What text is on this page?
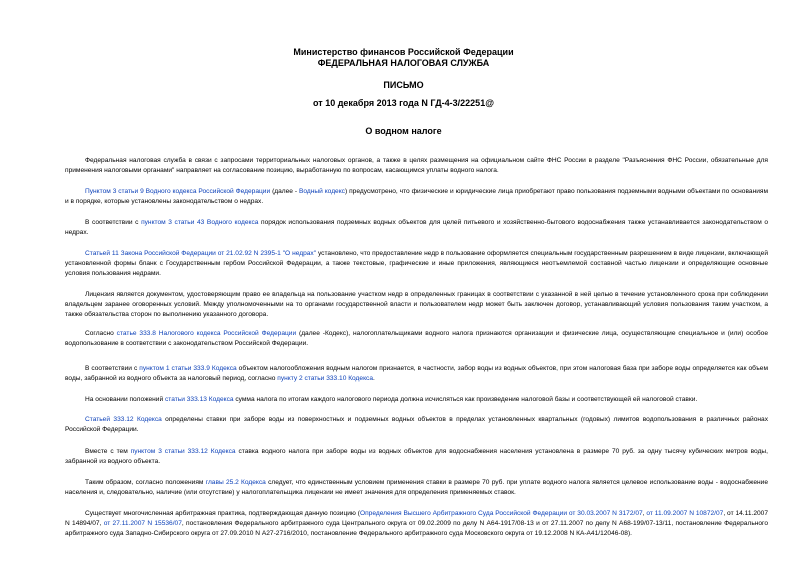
Министерство финансов Российской Федерации
ФЕДЕРАЛЬНАЯ НАЛОГОВАЯ СЛУЖБА
ПИСЬМО
от 10 декабря 2013 года N ГД-4-3/22251@
О водном налоге
Федеральная налоговая служба в связи с запросами территориальных налоговых органов, а также в целях размещения на официальном сайте ФНС России в разделе "Разъяснения ФНС России, обязательные для применения налоговыми органами" направляет на согласование позицию, выработанную по вопросам, касающимся уплаты водного налога.
Пунктом 3 статьи 9 Водного кодекса Российской Федерации (далее - Водный кодекс) предусмотрено, что физические и юридические лица приобретают право пользования подземными водными объектами по основаниям и в порядке, которые установлены законодательством о недрах.
В соответствии с пунктом 3 статьи 43 Водного кодекса порядок использования подземных водных объектов для целей питьевого и хозяйственно-бытового водоснабжения также устанавливается законодательством о недрах.
Статьей 11 Закона Российской Федерации от 21.02.92 N 2395-1 "О недрах" установлено, что предоставление недр в пользование оформляется специальным государственным разрешением в виде лицензии, включающей установленной формы бланк с Государственным гербом Российской Федерации, а также текстовые, графические и иные приложения, являющиеся неотъемлемой составной частью лицензии и определяющие основные условия пользования недрами.
Лицензия является документом, удостоверяющим право ее владельца на пользование участком недр в определенных границах в соответствии с указанной в ней целью в течение установленного срока при соблюдении владельцем заранее оговоренных условий. Между уполномоченными на то органами государственной власти и пользователем недр может быть заключен договор, устанавливающий условия пользования таким участком, а также обязательства сторон по выполнению указанного договора.
Согласно статье 333.8 Налогового кодекса Российской Федерации (далее -Кодекс), налогоплательщиками водного налога признаются организации и физические лица, осуществляющие специальное и (или) особое водопользование в соответствии с законодательством Российской Федерации.
В соответствии с пунктом 1 статьи 333.9 Кодекса объектом налогообложения водным налогом признается, в частности, забор воды из водных объектов, при этом налоговая база при заборе воды определяется как объем воды, забранной из водного объекта за налоговый период, согласно пункту 2 статьи 333.10 Кодекса.
На основании положений статьи 333.13 Кодекса сумма налога по итогам каждого налогового периода должна исчисляться как произведение налоговой базы и соответствующей ей налоговой ставки.
Статьей 333.12 Кодекса определены ставки при заборе воды из поверхностных и подземных водных объектов в пределах установленных квартальных (годовых) лимитов водопользования в различных районах Российской Федерации.
Вместе с тем пунктом 3 статьи 333.12 Кодекса ставка водного налога при заборе воды из водных объектов для водоснабжения населения установлена в размере 70 руб. за одну тысячу кубических метров воды, забранной из водного объекта.
Таким образом, согласно положениям главы 25.2 Кодекса следует, что единственным условием применения ставки в размере 70 руб. при уплате водного налога является целевое использование воды - водоснабжение населения и, следовательно, наличие (или отсутствие) у налогоплательщика лицензии не имеет значения для определения применяемых ставок.
Существует многочисленная арбитражная практика, подтверждающая данную позицию (Определения Высшего Арбитражного Суда Российской Федерации от 30.03.2007 N 3172/07, от 11.09.2007 N 10872/07, от 14.11.2007 N 14894/07, от 27.11.2007 N 15536/07, постановления Федерального арбитражного суда Центрального округа от 09.02.2009 по делу N А64-1917/08-13 и от 27.11.2007 по делу N А68-199/07-13/11, постановление Федерального арбитражного суда Западно-Сибирского округа от 27.09.2010 N А27-2716/2010, постановление Федерального арбитражного суда Московского округа от 19.12.2008 N КА-А41/12046-08).
